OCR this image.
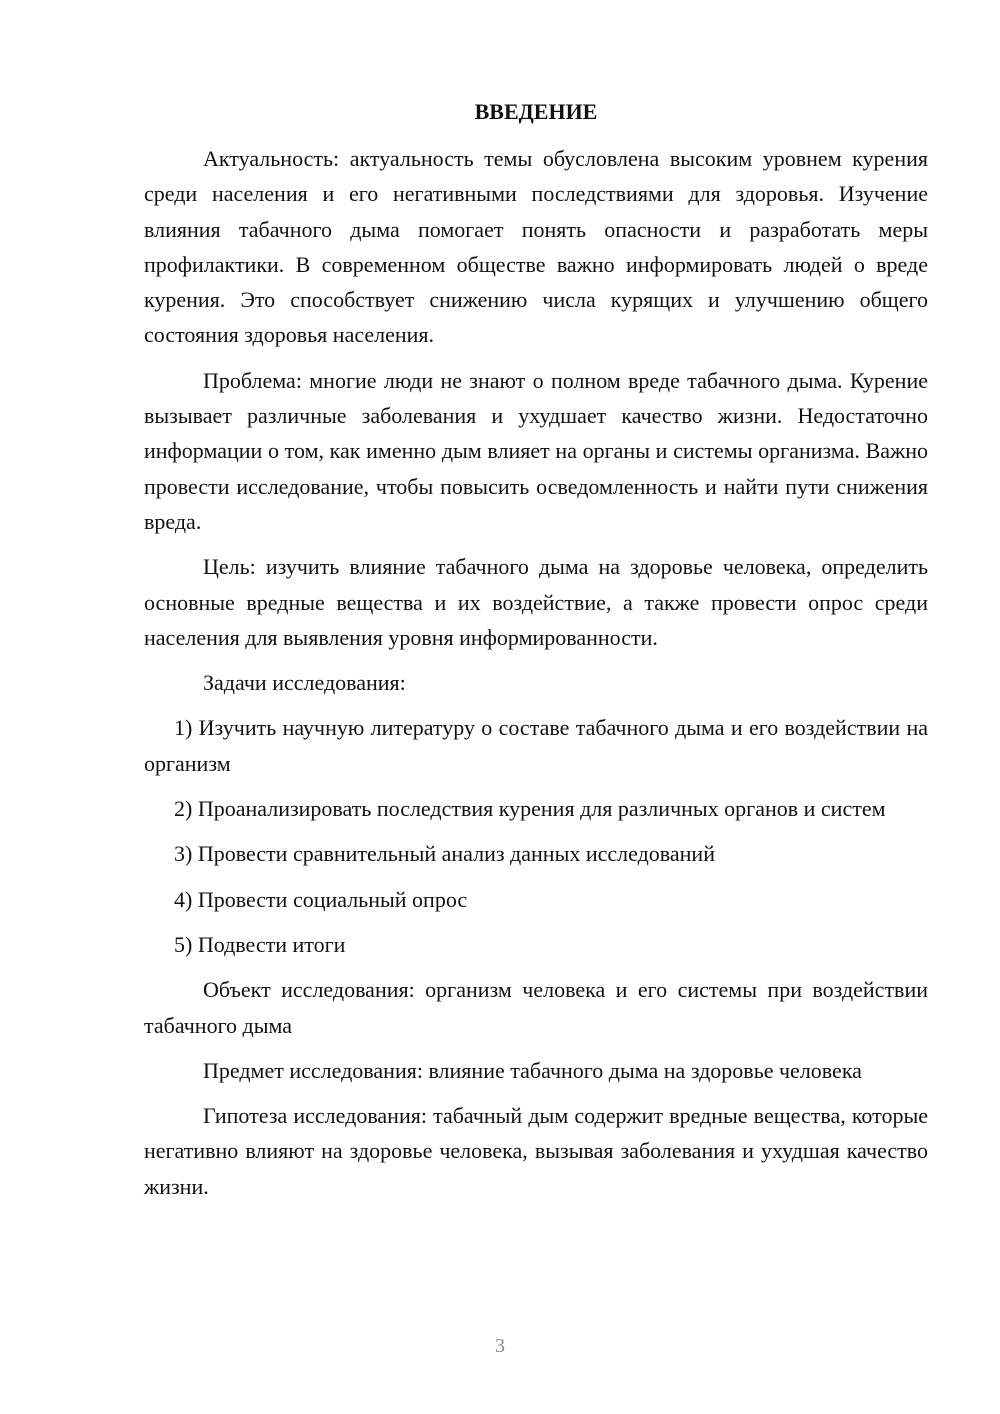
ВВЕДЕНИЕ

Актуальность: актуальность темы обусловлена высоким уровнем курения среди населения и его негативными последствиями для здоровья. Изучение влияния табачного дыма помогает понять опасности и разработать меры профилактики. В современном обществе важно информировать людей о вреде курения. Это способствует снижению числа курящих и улучшению общего состояния здоровья населения.

Проблема: многие люди не знают о полном вреде табачного дыма. Курение вызывает различные заболевания и ухудшает качество жизни. Недостаточно информации о том, как именно дым влияет на органы и системы организма. Важно провести исследование, чтобы повысить осведомленность и найти пути снижения вреда.

Цель: изучить влияние табачного дыма на здоровье человека, определить основные вредные вещества и их воздействие, а также провести опрос среди населения для выявления уровня информированности.

Задачи исследования:

1) Изучить научную литературу о составе табачного дыма и его воздействии на организм

2) Проанализировать последствия курения для различных органов и систем

3) Провести сравнительный анализ данных исследований

4) Провести социальный опрос

5) Подвести итоги

Объект исследования: организм человека и его системы при воздействии табачного дыма

Предмет исследования: влияние табачного дыма на здоровье человека

Гипотеза исследования: табачный дым содержит вредные вещества, которые негативно влияют на здоровье человека, вызывая заболевания и ухудшая качество жизни.

3
